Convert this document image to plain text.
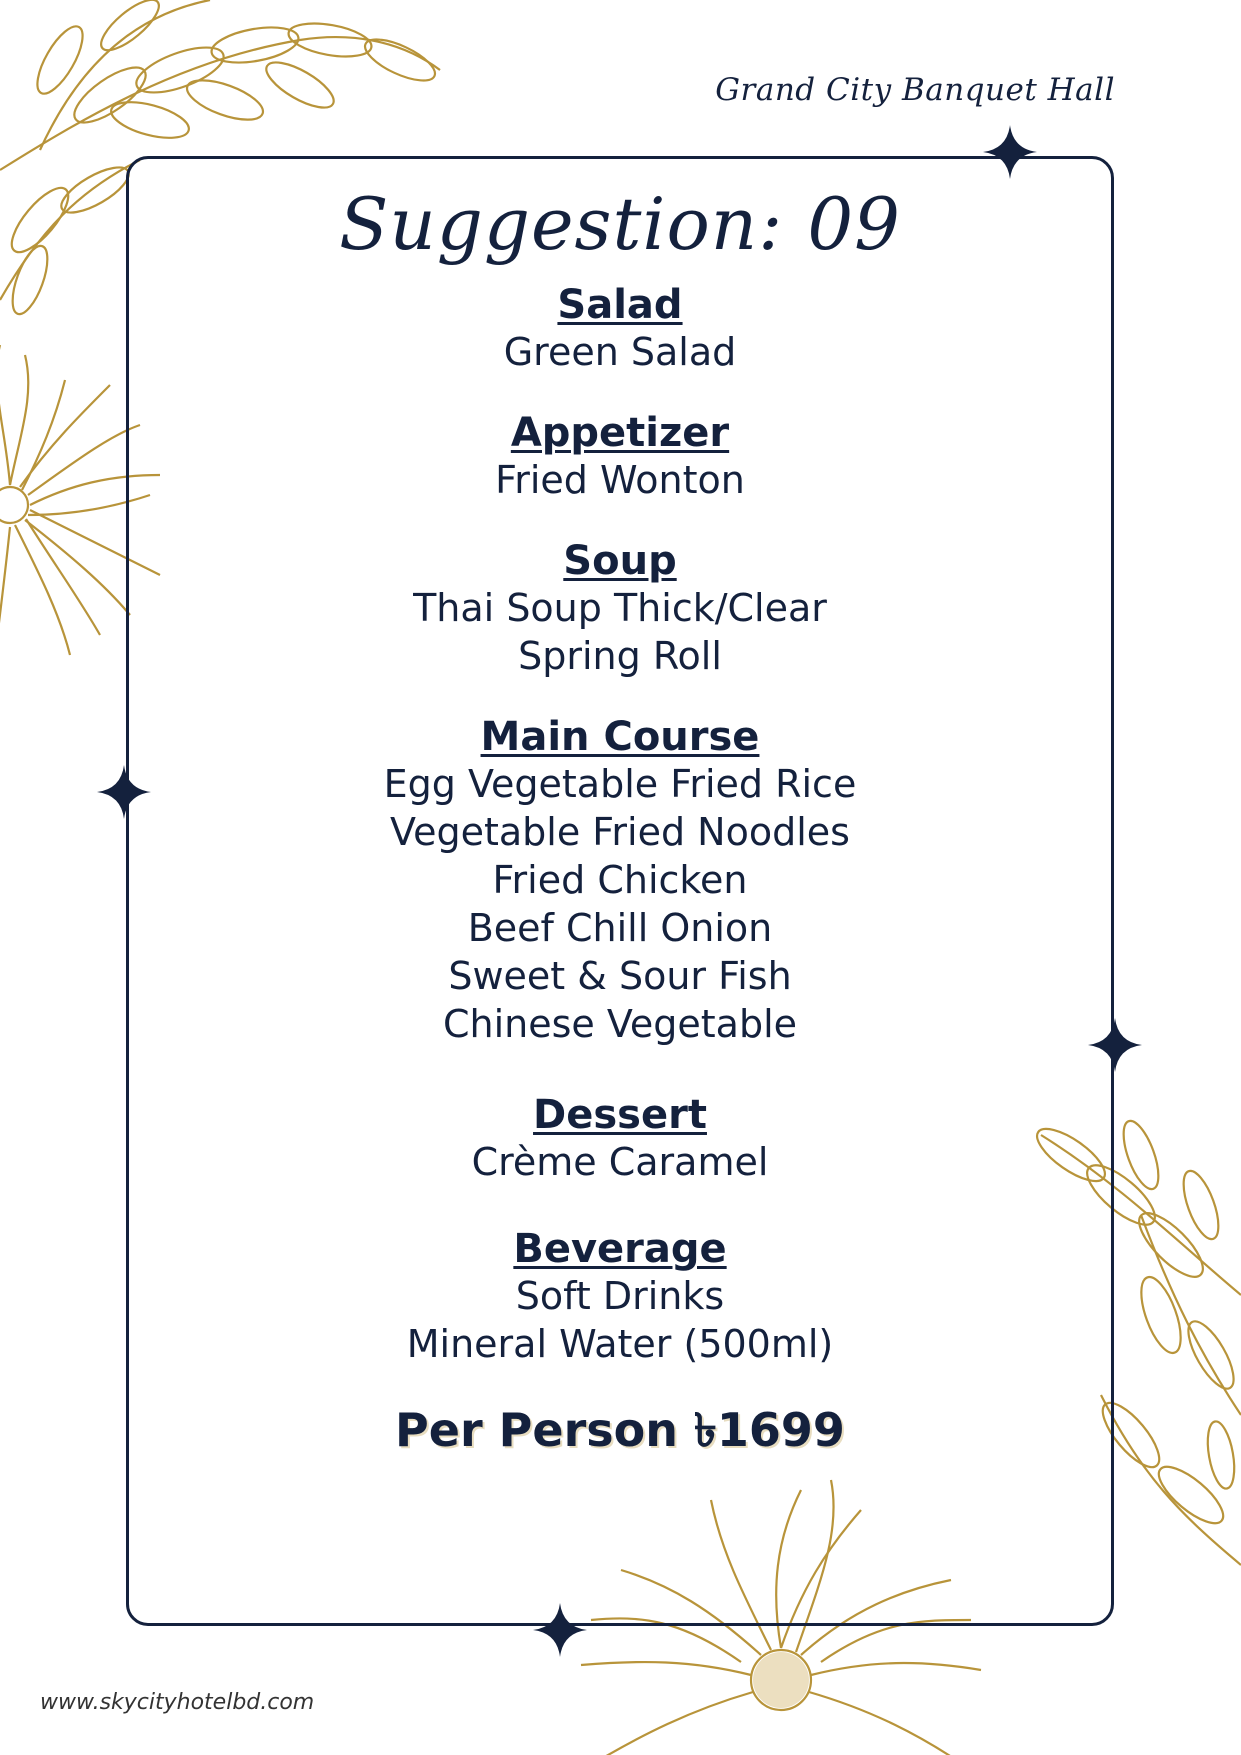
Grand City Banquet Hall
Suggestion: 09
Salad
Green Salad
Appetizer
Fried Wonton
Soup
Thai Soup Thick/Clear
Spring Roll
Main Course
Egg Vegetable Fried Rice
Vegetable Fried Noodles
Fried Chicken
Beef Chill Onion
Sweet & Sour Fish
Chinese Vegetable
Dessert
Crème Caramel
Beverage
Soft Drinks
Mineral Water (500ml)
Per Person ৳1699
www.skycityhotelbd.com
